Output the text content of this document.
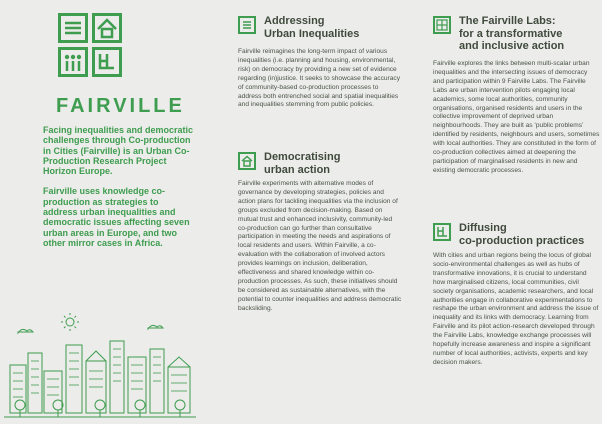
FAIRVILLE

Facing inequalities and democratic challenges through Co-production in Cities (Fairville) is an Urban Co-Production Research Project Horizon Europe.

Fairville uses knowledge co-production as strategies to address urban inequalities and democratic issues affecting seven urban areas in Europe, and two other mirror cases in Africa.

Addressing
Urban Inequalities
Fairville reimagines the long-term impact of various inequalities (i.e. planning and housing, environmental, risk) on democracy by providing a new set of evidence regarding (in)justice. It seeks to showcase the accuracy of community-based co-production processes to address both entrenched social and spatial inequalities and inequalities stemming from public policies.
Democratising
urban action
Fairville experiments with alternative modes of governance by developing strategies, policies and action plans for tackling inequalities via the inclusion of groups excluded from decision-making. Based on mutual trust and enhanced inclusivity, community-led co-production can go further than consultative participation in meeting the needs and aspirations of local residents and users. Within Fairville, a co-evaluation with the collaboration of involved actors provides learnings on inclusion, deliberation, effectiveness and shared knowledge within co-production processes. As such, these initiatives should be considered as sustainable alternatives, with the potential to counter inequalities and address democratic backsliding.
The Fairville Labs:
for a transformative
and inclusive action
Fairville explores the links between multi-scalar urban inequalities and the intersecting issues of democracy and participation within 9 Fairville Labs. The Fairville Labs are urban intervention pilots engaging local academics, some local authorities, community organisations, organised residents and users in the collective improvement of deprived urban neighbourhoods. They are built as ‘public problems’ identified by residents, neighbours and users, sometimes with local authorities. They are constituted in the form of co-production collectives aimed at deepening the participation of marginalised residents in new and existing democratic processes.
Diffusing
co-production practices
With cities and urban regions being the locus of global socio-environmental challenges as well as hubs of transformative innovations, it is crucial to understand how marginalised citizens, local communities, civil society organisations, academic researchers, and local authorities engage in collaborative experimentations to reshape the urban environment and address the issue of inequality and its links with democracy. Learning from Fairville and its pilot action-research developed through the Fairville Labs, knowledge exchange processes will hopefully increase awareness and inspire a significant number of local authorities, activists, experts and key decision makers.
